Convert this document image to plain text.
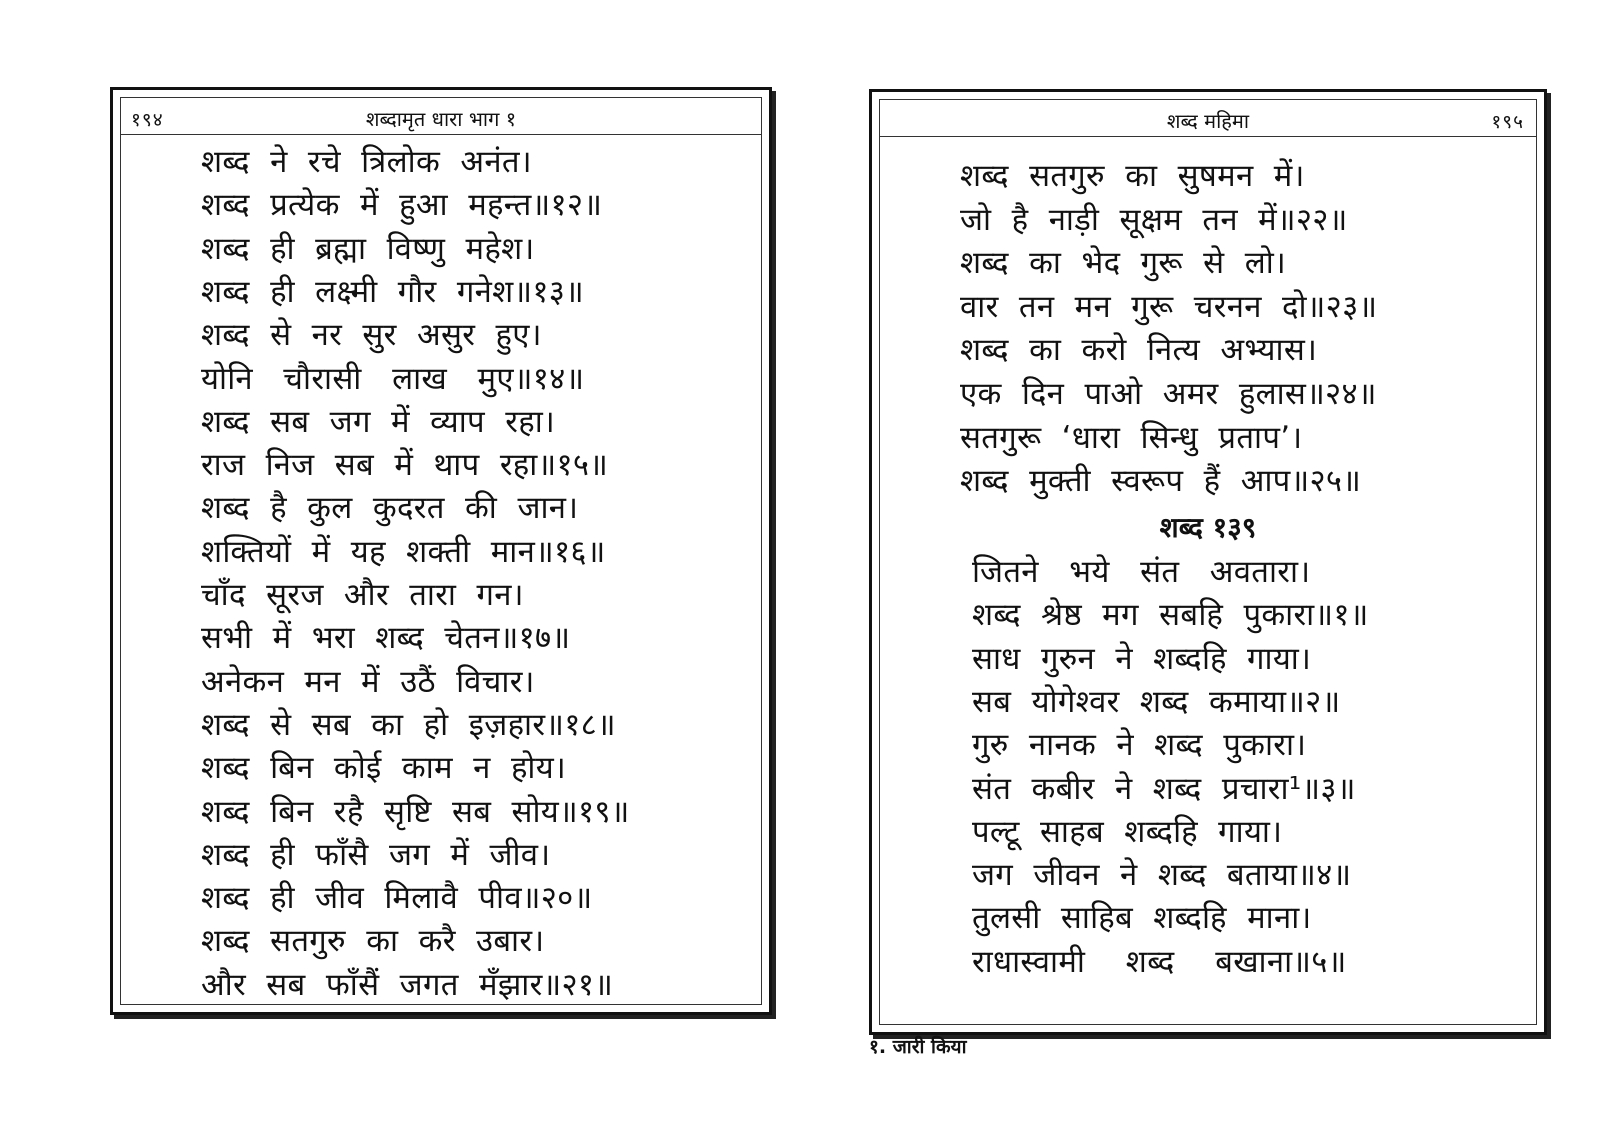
१९४	शब्दामृत धारा भाग १
शब्द  ने  रचे  त्रिलोक  अनंत।
शब्द  प्रत्येक  में  हुआ  महन्त॥१२॥
शब्द  ही  ब्रह्मा  विष्णु  महेश।
शब्द  ही  लक्ष्मी  गौर  गनेश॥१३॥
शब्द  से  नर  सुर  असुर  हुए।
योनि   चौरासी   लाख   मुए॥१४॥
शब्द  सब  जग  में  व्याप  रहा।
राज  निज  सब  में  थाप  रहा॥१५॥
शब्द  है  कुल  कुदरत  की  जान।
शक्तियों  में  यह  शक्ती  मान॥१६॥
चाँद  सूरज  और  तारा  गन।
सभी  में  भरा  शब्द  चेतन॥१७॥
अनेकन  मन  में  उठैं  विचार।
शब्द  से  सब  का  हो  इज़हार॥१८॥
शब्द  बिन  कोई  काम  न  होय।
शब्द  बिन  रहै  सृष्टि  सब  सोय॥१९॥
शब्द  ही  फाँसै  जग  में  जीव।
शब्द  ही  जीव  मिलावै  पीव॥२०॥
शब्द  सतगुरु  का  करै  उबार।
और  सब  फाँसैं  जगत  मँझार॥२१॥
शब्द महिमा	१९५
शब्द  सतगुरु  का  सुषमन  में।
जो  है  नाड़ी  सूक्षम  तन  में॥२२॥
शब्द  का  भेद  गुरू  से  लो।
वार  तन  मन  गुरू  चरनन  दो॥२३॥
शब्द  का  करो  नित्य  अभ्यास।
एक  दिन  पाओ  अमर  हुलास॥२४॥
सतगुरू  ‘धारा  सिन्धु  प्रताप’।
शब्द  मुक्ती  स्वरूप  हैं  आप॥२५॥
शब्द १३९
जितने   भये   संत   अवतारा।
शब्द  श्रेष्ठ  मग  सबहि  पुकारा॥१॥
साध  गुरुन  ने  शब्दहि  गाया।
सब  योगेश्वर  शब्द  कमाया॥२॥
गुरु  नानक  ने  शब्द  पुकारा।
संत  कबीर  ने  शब्द  प्रचारा¹॥३॥
पल्टू  साहब  शब्दहि  गाया।
जग  जीवन  ने  शब्द  बताया॥४॥
तुलसी  साहिब  शब्दहि  माना।
राधास्वामी    शब्द    बखाना॥५॥
१. जारी किया
